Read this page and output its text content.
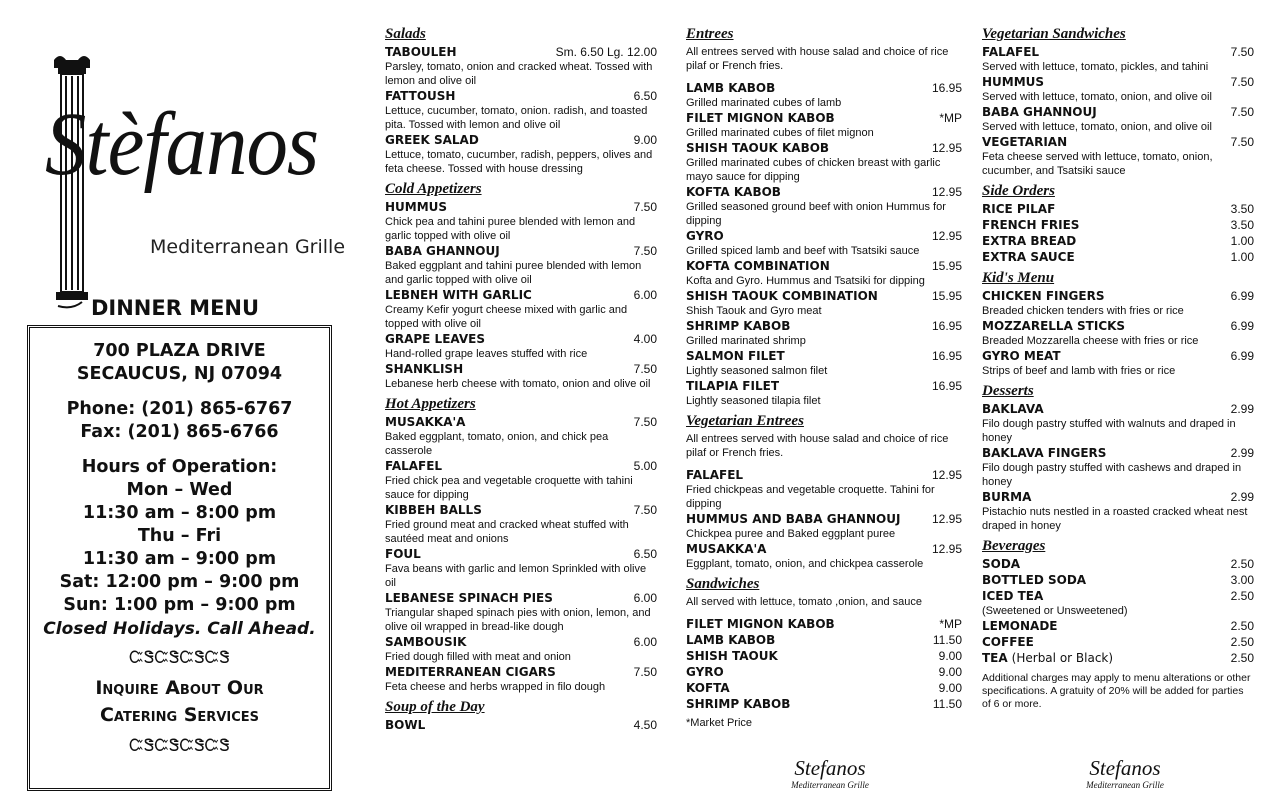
Stèfanos
Mediterranean Grille
DINNER MENU
700 PLAZA DRIVE
SECAUCUS, NJ 07094
Phone: (201) 865-6767
Fax: (201) 865-6766
Hours of Operation:
Mon – Wed
11:30 am – 8:00 pm
Thu – Fri
11:30 am – 9:00 pm
Sat: 12:00 pm – 9:00 pm
Sun: 1:00 pm – 9:00 pm
Closed Holidays. Call Ahead.
ᏨᏕᏨᏕᏨᏕᏨᏕ
Inquire About Our
Catering Services
ᏨᏕᏨᏕᏨᏕᏨᏕ
Salads
TABOULEH	Sm. 6.50 Lg. 12.00
Parsley, tomato, onion and cracked wheat. Tossed with lemon and olive oil
FATTOUSH	6.50
Lettuce, cucumber, tomato, onion. radish, and toasted pita. Tossed with lemon and olive oil
GREEK SALAD	9.00
Lettuce, tomato, cucumber, radish, peppers, olives and feta cheese. Tossed with house dressing
Cold Appetizers
HUMMUS	7.50
Chick pea and tahini puree blended with lemon and garlic topped with olive oil
BABA GHANNOUJ	7.50
Baked eggplant and tahini puree blended with lemon and garlic topped with olive oil
LEBNEH WITH GARLIC	6.00
Creamy Kefir yogurt cheese mixed with garlic and topped with olive oil
GRAPE LEAVES	4.00
Hand-rolled grape leaves stuffed with rice
SHANKLISH	7.50
Lebanese herb cheese with tomato, onion and olive oil
Hot Appetizers
MUSAKKA'A	7.50
Baked eggplant, tomato, onion, and chick pea casserole
FALAFEL	5.00
Fried chick pea and vegetable croquette with tahini sauce for dipping
KIBBEH BALLS	7.50
Fried ground meat and cracked wheat stuffed with sautéed meat and onions
FOUL	6.50
Fava beans with garlic and lemon Sprinkled with olive oil
LEBANESE SPINACH PIES	6.00
Triangular shaped spinach pies with onion, lemon, and olive oil wrapped in bread-like dough
SAMBOUSIK	6.00
Fried dough filled with meat and onion
MEDITERRANEAN CIGARS	7.50
Feta cheese and herbs wrapped in filo dough
Soup of the Day
BOWL	4.50
Entrees
All entrees served with house salad and choice of rice pilaf or French fries.
LAMB KABOB	16.95
Grilled marinated cubes of lamb
FILET MIGNON KABOB	*MP
Grilled marinated cubes of filet mignon
SHISH TAOUK KABOB	12.95
Grilled marinated cubes of chicken breast with garlic mayo sauce for dipping
KOFTA KABOB	12.95
Grilled seasoned ground beef with onion Hummus for dipping
GYRO	12.95
Grilled spiced lamb and beef with Tsatsiki sauce
KOFTA COMBINATION	15.95
Kofta and Gyro. Hummus and Tsatsiki for dipping
SHISH TAOUK COMBINATION	15.95
Shish Taouk and Gyro meat
SHRIMP KABOB	16.95
Grilled marinated shrimp
SALMON FILET	16.95
Lightly seasoned salmon filet
TILAPIA FILET	16.95
Lightly seasoned tilapia filet
Vegetarian Entrees
All entrees served with house salad and choice of rice pilaf or French fries.
FALAFEL	12.95
Fried chickpeas and vegetable croquette. Tahini for dipping
HUMMUS AND BABA GHANNOUJ	12.95
Chickpea puree and Baked eggplant puree
MUSAKKA'A	12.95
Eggplant, tomato, onion, and chickpea casserole
Sandwiches
All served with lettuce, tomato ,onion, and sauce
FILET MIGNON KABOB	*MP
LAMB KABOB	11.50
SHISH TAOUK	9.00
GYRO	9.00
KOFTA	9.00
SHRIMP KABOB	11.50
*Market Price
Stefanos
Mediterranean Grille
Vegetarian Sandwiches
FALAFEL	7.50
Served with lettuce, tomato, pickles, and tahini
HUMMUS	7.50
Served with lettuce, tomato, onion, and olive oil
BABA GHANNOUJ	7.50
Served with lettuce, tomato, onion, and olive oil
VEGETARIAN	7.50
Feta cheese served with lettuce, tomato, onion, cucumber, and Tsatsiki sauce
Side Orders
RICE PILAF	3.50
FRENCH FRIES	3.50
EXTRA BREAD	1.00
EXTRA SAUCE	1.00
Kid's Menu
CHICKEN FINGERS	6.99
Breaded chicken tenders with fries or rice
MOZZARELLA STICKS	6.99
Breaded Mozzarella cheese with fries or rice
GYRO MEAT	6.99
Strips of beef and lamb with fries or rice
Desserts
BAKLAVA	2.99
Filo dough pastry stuffed with walnuts and draped in honey
BAKLAVA FINGERS	2.99
Filo dough pastry stuffed with cashews and draped in honey
BURMA	2.99
Pistachio nuts nestled in a roasted cracked wheat nest draped in honey
Beverages
SODA	2.50
BOTTLED SODA	3.00
ICED TEA	2.50
(Sweetened or Unsweetened)
LEMONADE	2.50
COFFEE	2.50
TEA (Herbal or Black)	2.50
Additional charges may apply to menu alterations or other specifications. A gratuity of 20% will be added for parties of 6 or more.
Stefanos
Mediterranean Grille
